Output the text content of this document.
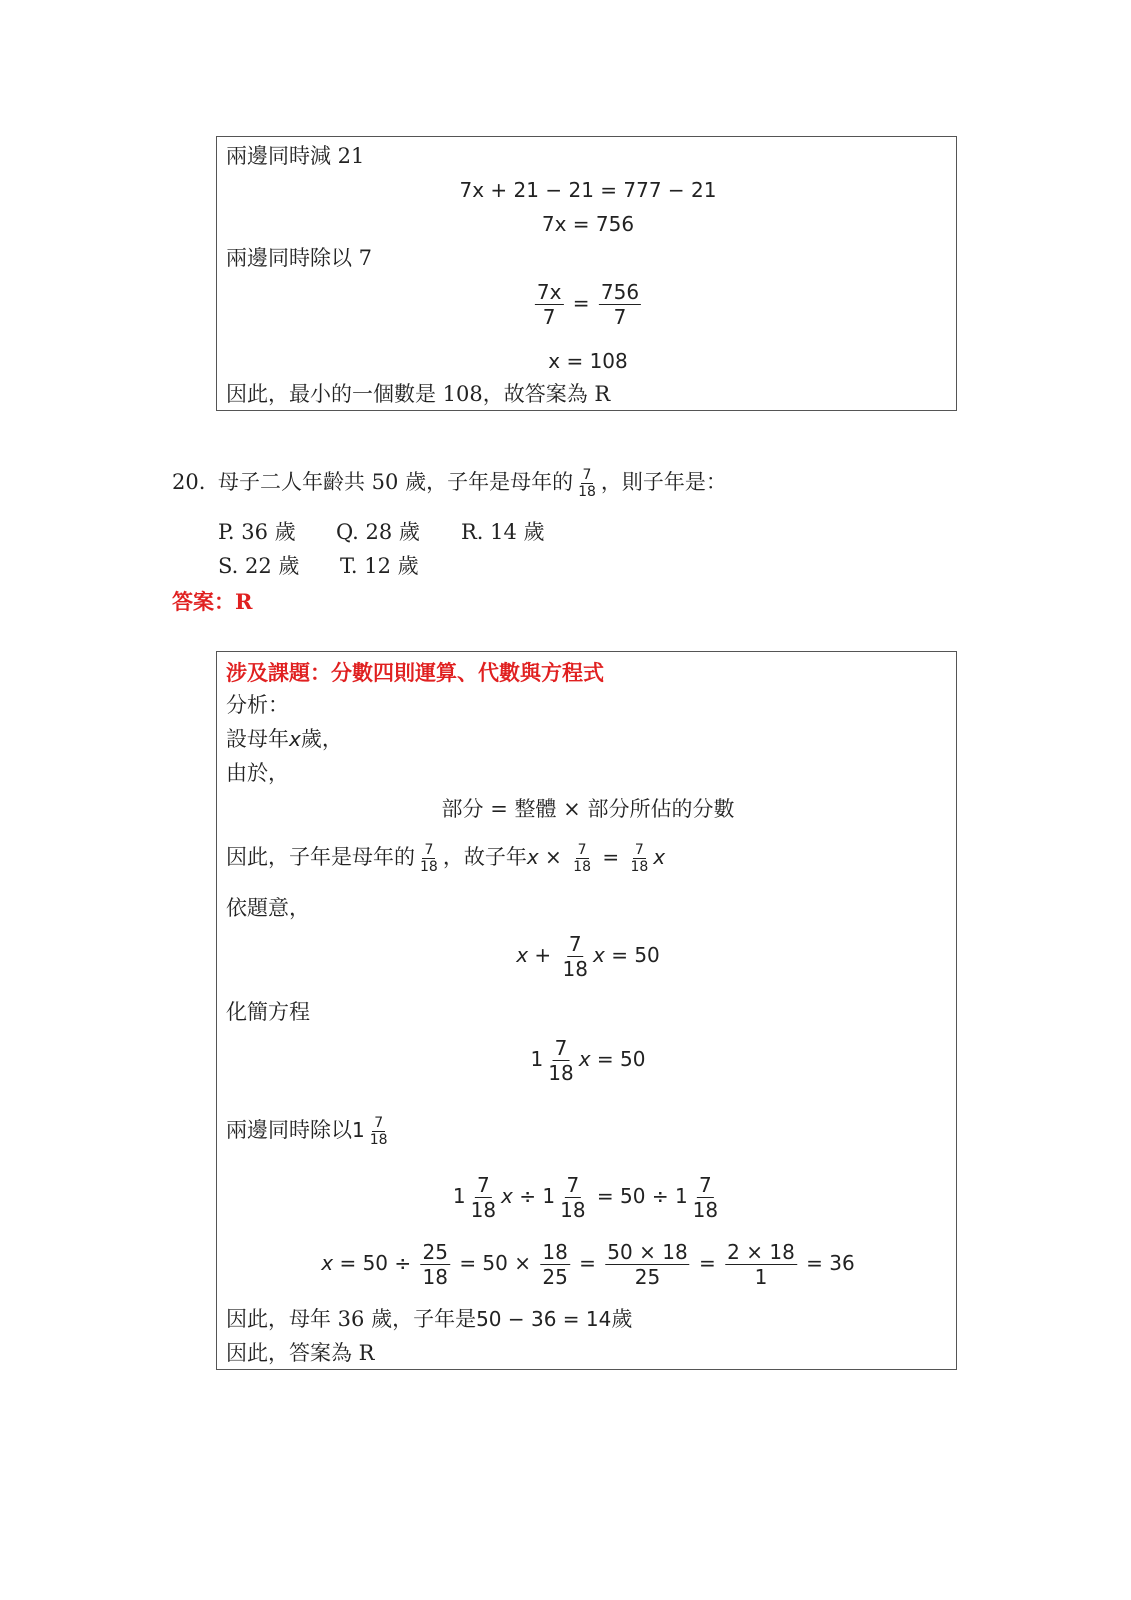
兩邊同時減 21
7x + 21 − 21 = 777 − 21
7x = 756
兩邊同時除以 7
$\frac{7x}{7} = \frac{756}{7}$
x = 108
因此，最小的一個數是 108，故答案為 R
20. 母子二人年齡共 50 歲，子年是母年的 $\frac{7}{18}$ ，則子年是：
P. 36 歲 Q. 28 歲 R. 14 歲
S. 22 歲 T. 12 歲
答案：R
涉及課題：分數四則運算、代數與方程式
分析：
設母年x歲，
由於，
部分 = 整體 × 部分所佔的分數
因此，子年是母年的 $\frac{7}{18}$ ，故子年$x \times \frac{7}{18} = \frac{7}{18}$ x
依題意，
$x + \frac{7}{18}$ x = 50
化簡方程
$1 \frac{7}{18}$ x = 50
兩邊同時除以$1 \frac{7}{18}$
$1 \frac{7}{18}$ $x \div 1 \frac{7}{18} = 50 \div 1 \frac{7}{18}$
$x = 50 \div \frac{25}{18} = 50 \times \frac{18}{25} = \frac{50 \times 18}{25} = \frac{2 \times 18}{1} = 36$
因此，母年 36 歲，子年是50 − 36 = 14歲
因此，答案為 R
